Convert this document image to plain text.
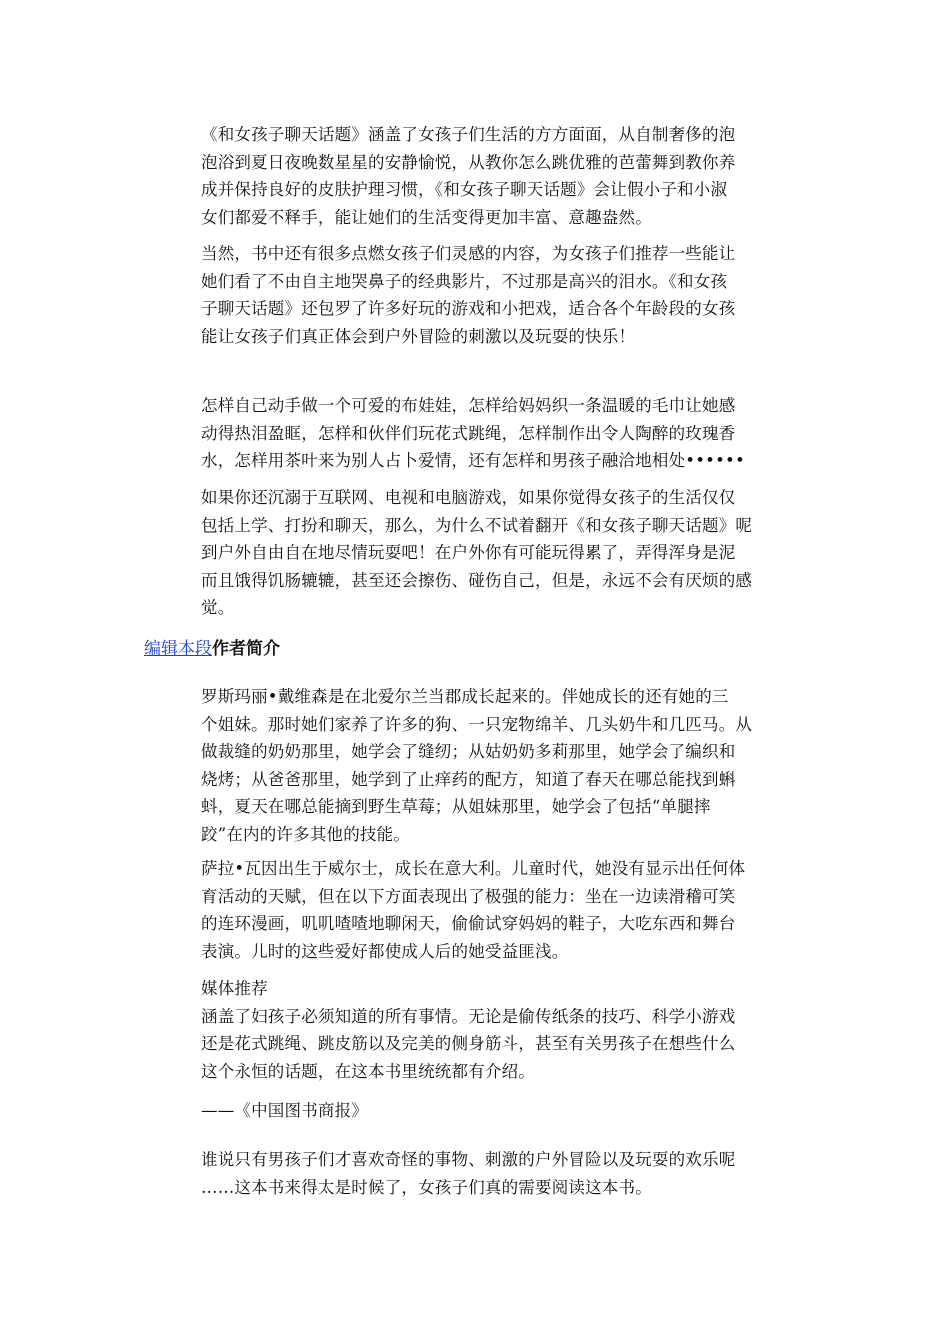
《和女孩子聊天话题》涵盖了女孩子们生活的方方面面，从自制奢侈的泡
泡浴到夏日夜晚数星星的安静愉悦，从教你怎么跳优雅的芭蕾舞到教你养
成并保持良好的皮肤护理习惯，《和女孩子聊天话题》会让假小子和小淑
女们都爱不释手，能让她们的生活变得更加丰富、意趣盎然。

当然，书中还有很多点燃女孩子们灵感的内容，为女孩子们推荐一些能让
她们看了不由自主地哭鼻子的经典影片，不过那是高兴的泪水。《和女孩
子聊天话题》还包罗了许多好玩的游戏和小把戏，适合各个年龄段的女孩
能让女孩子们真正体会到户外冒险的刺激以及玩耍的快乐！

怎样自己动手做一个可爱的布娃娃，怎样给妈妈织一条温暖的毛巾让她感
动得热泪盈眶，怎样和伙伴们玩花式跳绳，怎样制作出令人陶醉的玫瑰香
水，怎样用茶叶来为别人占卜爱情，还有怎样和男孩子融洽地相处••••••

如果你还沉溺于互联网、电视和电脑游戏，如果你觉得女孩子的生活仅仅
包括上学、打扮和聊天，那么，为什么不试着翻开《和女孩子聊天话题》呢
到户外自由自在地尽情玩耍吧！在户外你有可能玩得累了，弄得浑身是泥
而且饿得饥肠辘辘，甚至还会擦伤、碰伤自己，但是，永远不会有厌烦的感
觉。

编辑本段作者简介

罗斯玛丽•戴维森是在北爱尔兰当郡成长起来的。伴她成长的还有她的三
个姐妹。那时她们家养了许多的狗、一只宠物绵羊、几头奶牛和几匹马。从
做裁缝的奶奶那里，她学会了缝纫；从姑奶奶多莉那里，她学会了编织和
烧烤；从爸爸那里，她学到了止痒药的配方，知道了春天在哪总能找到蝌
蚪，夏天在哪总能摘到野生草莓；从姐妹那里，她学会了包括“单腿摔
跤”在内的许多其他的技能。

萨拉•瓦因出生于威尔士，成长在意大利。儿童时代，她没有显示出任何体
育活动的天赋，但在以下方面表现出了极强的能力：坐在一边读滑稽可笑
的连环漫画，叽叽喳喳地聊闲天，偷偷试穿妈妈的鞋子，大吃东西和舞台
表演。儿时的这些爱好都使成人后的她受益匪浅。

媒体推荐
涵盖了妇孩子必须知道的所有事情。无论是偷传纸条的技巧、科学小游戏
还是花式跳绳、跳皮筋以及完美的侧身筋斗，甚至有关男孩子在想些什么
这个永恒的话题，在这本书里统统都有介绍。

——《中国图书商报》

谁说只有男孩子们才喜欢奇怪的事物、刺激的户外冒险以及玩耍的欢乐呢
……这本书来得太是时候了，女孩子们真的需要阅读这本书。
